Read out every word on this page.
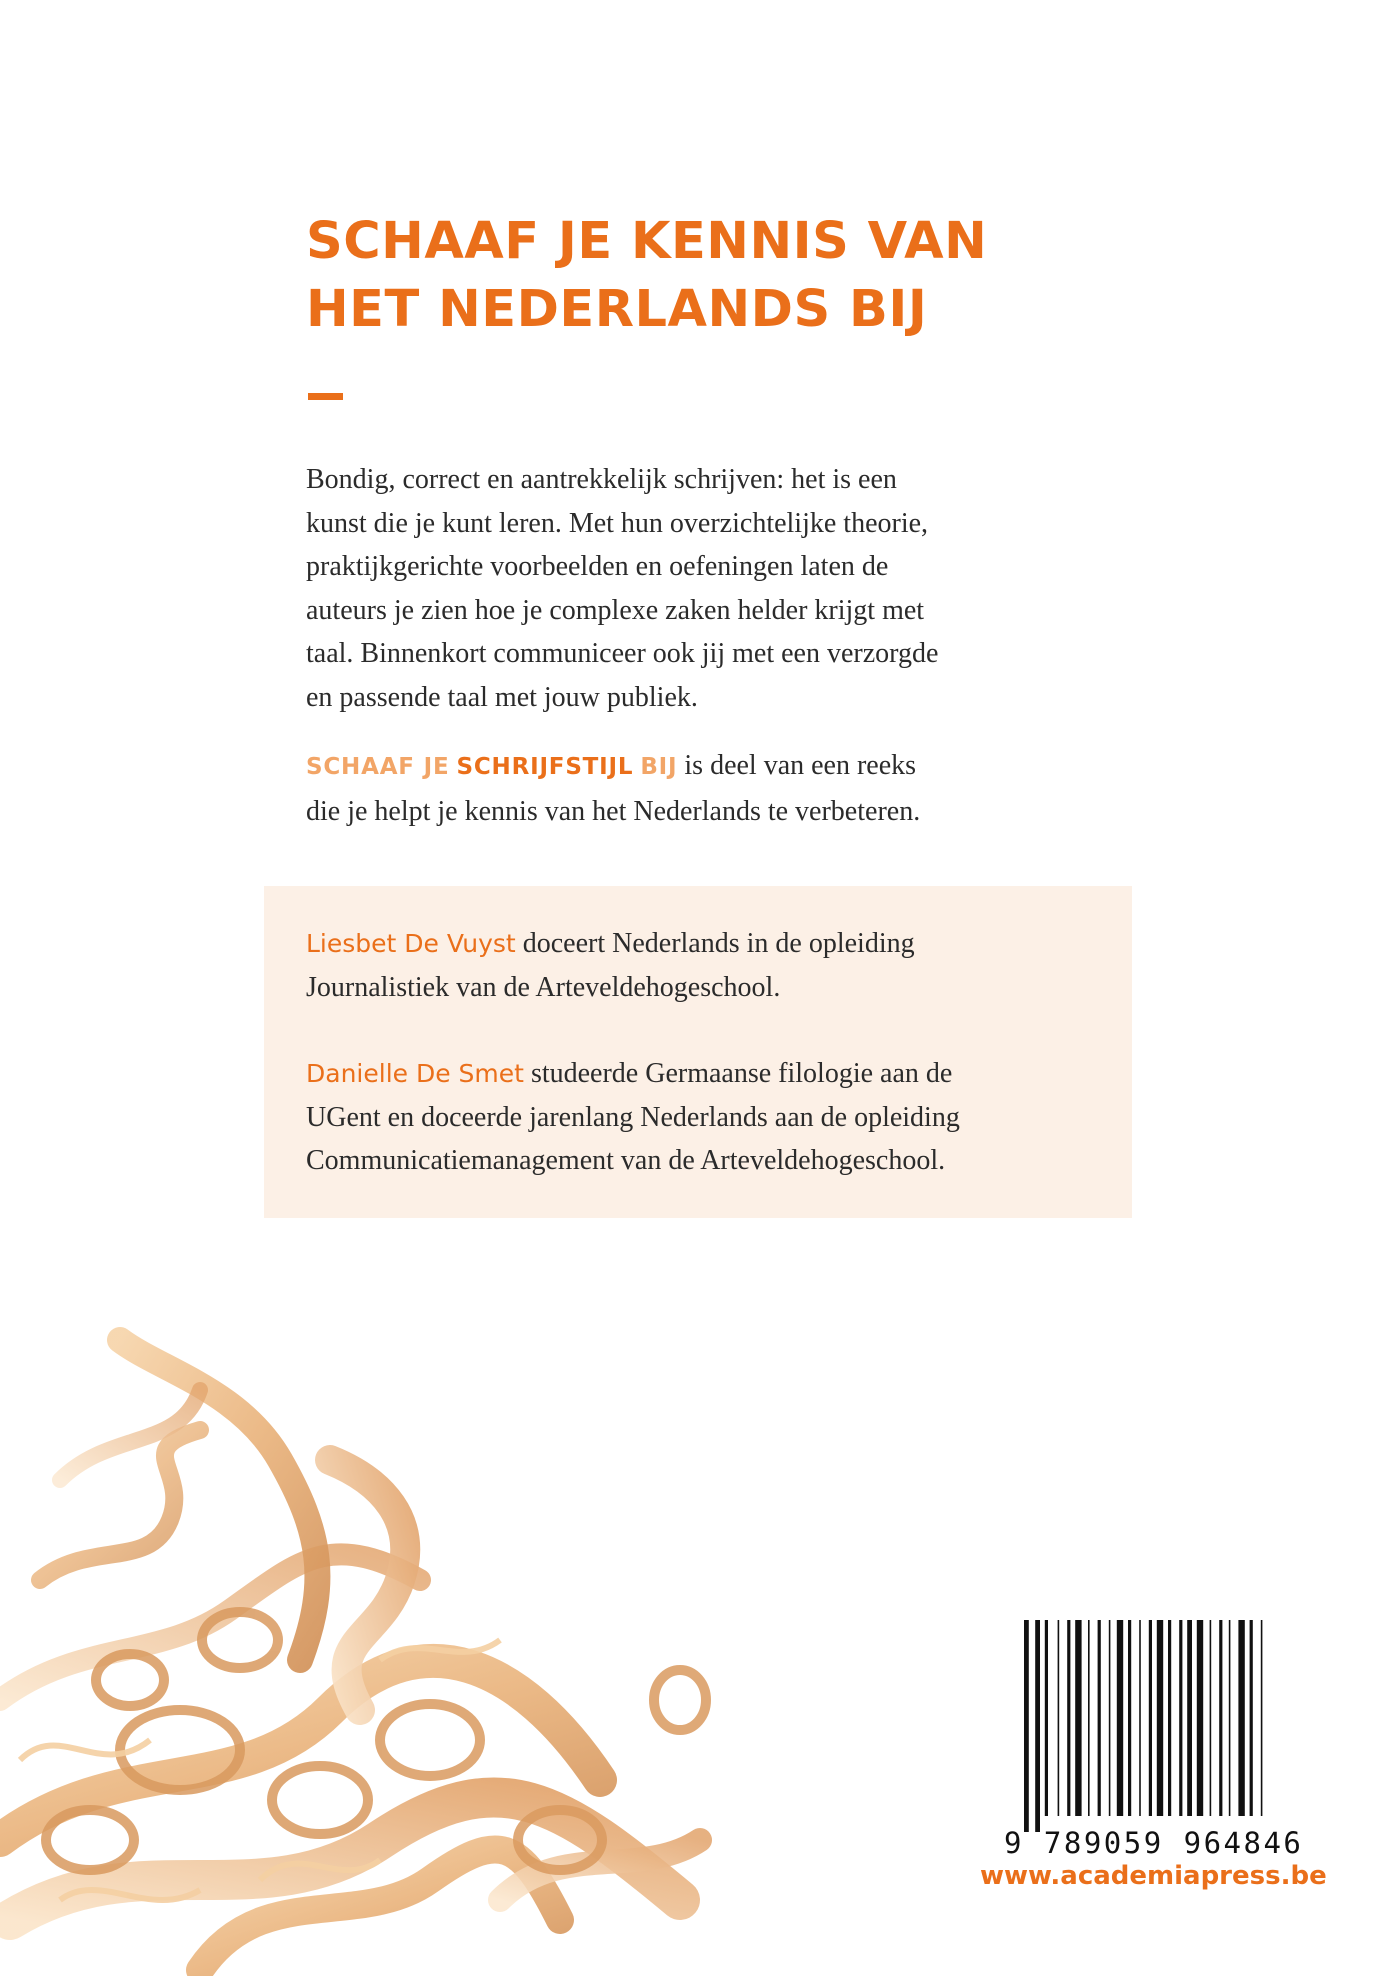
SCHAAF JE KENNIS VAN
HET NEDERLANDS BIJ

Bondig, correct en aantrekkelijk schrijven: het is een
kunst die je kunt leren. Met hun overzichtelijke theorie,
praktijkgerichte voorbeelden en oefeningen laten de
auteurs je zien hoe je complexe zaken helder krijgt met
taal. Binnenkort communiceer ook jij met een verzorgde
en passende taal met jouw publiek.

SCHAAF JE SCHRIJFSTIJL BIJ is deel van een reeks
die je helpt je kennis van het Nederlands te verbeteren.

Liesbet De Vuyst doceert Nederlands in de opleiding
Journalistiek van de Arteveldehogeschool.

Danielle De Smet studeerde Germaanse filologie aan de
UGent en doceerde jarenlang Nederlands aan de opleiding
Communicatiemanagement van de Arteveldehogeschool.

9 789059 964846
www.academiapress.be
